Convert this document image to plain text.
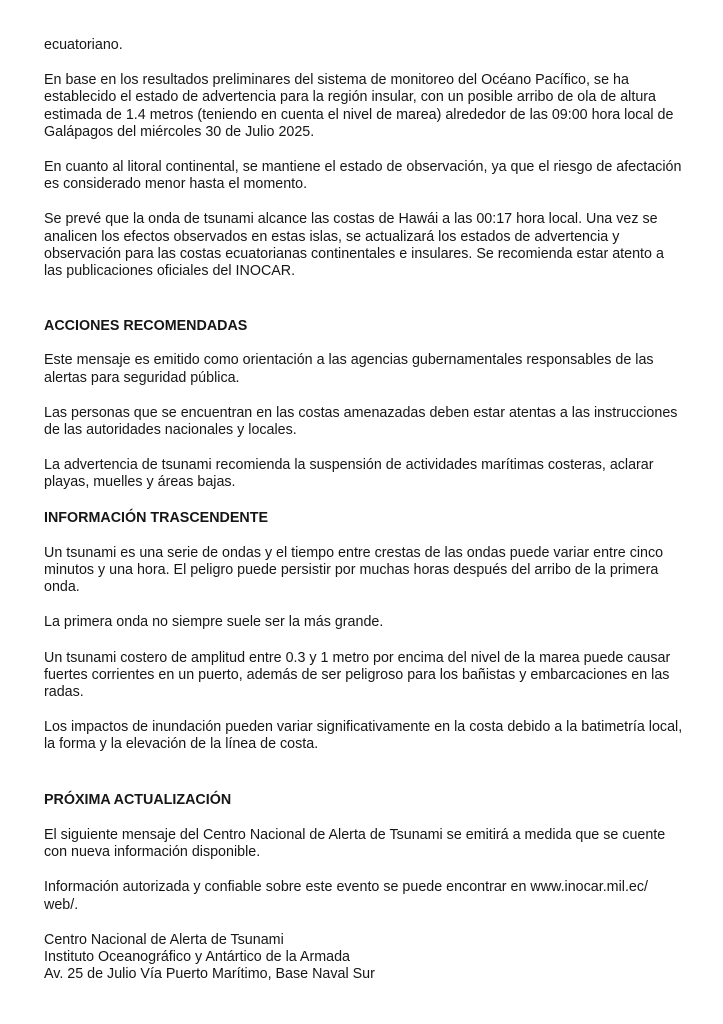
ecuatoriano.

En base en los resultados preliminares del sistema de monitoreo del Océano Pacífico, se ha establecido el estado de advertencia para la región insular, con un posible arribo de ola de altura estimada de 1.4 metros (teniendo en cuenta el nivel de marea) alrededor de las 09:00 hora local de Galápagos del miércoles 30 de Julio 2025.

En cuanto al litoral continental, se mantiene el estado de observación, ya que el riesgo de afectación es considerado menor hasta el momento.

Se prevé que la onda de tsunami alcance las costas de Hawái a las 00:17 hora local. Una vez se analicen los efectos observados en estas islas, se actualizará los estados de advertencia y observación para las costas ecuatorianas continentales e insulares. Se recomienda estar atento a las publicaciones oficiales del INOCAR.

ACCIONES RECOMENDADAS

Este mensaje es emitido como orientación a las agencias gubernamentales responsables de las alertas para seguridad pública.

Las personas que se encuentran en las costas amenazadas deben estar atentas a las instrucciones de las autoridades nacionales y locales.

La advertencia de tsunami recomienda la suspensión de actividades marítimas costeras, aclarar playas, muelles y áreas bajas.

INFORMACIÓN TRASCENDENTE

Un tsunami es una serie de ondas y el tiempo entre crestas de las ondas puede variar entre cinco minutos y una hora. El peligro puede persistir por muchas horas después del arribo de la primera onda.

La primera onda no siempre suele ser la más grande.

Un tsunami costero de amplitud entre 0.3 y 1 metro por encima del nivel de la marea puede causar fuertes corrientes en un puerto, además de ser peligroso para los bañistas y embarcaciones en las radas.

Los impactos de inundación pueden variar significativamente en la costa debido a la batimetría local, la forma y la elevación de la línea de costa.

PRÓXIMA ACTUALIZACIÓN

El siguiente mensaje del Centro Nacional de Alerta de Tsunami se emitirá a medida que se cuente con nueva información disponible.

Información autorizada y confiable sobre este evento se puede encontrar en www.inocar.mil.ec/ web/.

Centro Nacional de Alerta de Tsunami

Instituto Oceanográfico y Antártico de la Armada

Av. 25 de Julio Vía Puerto Marítimo, Base Naval Sur
